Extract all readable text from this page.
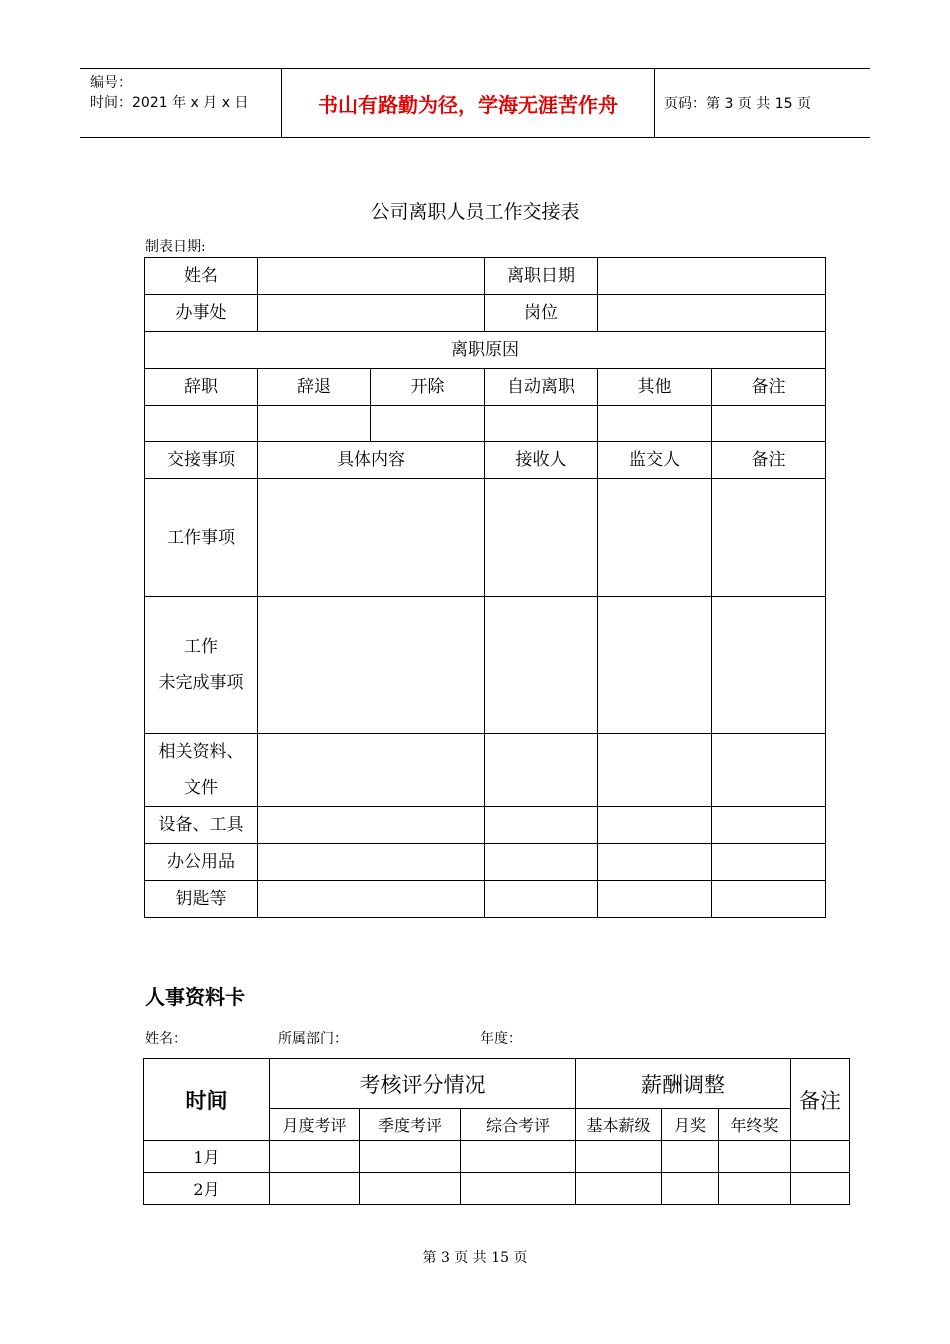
编号：
时间：2021 年 x 月 x 日	书山有路勤为径，学海无涯苦作舟	页码：第 3 页 共 15 页
公司离职人员工作交接表
制表日期:
姓名			离职日期		
办事处			岗位		
离职原因					
辞职	辞退	开除	自动离职	其他	备注

交接事项	具体内容		接收人	监交人	备注
工作事项					

工作
未完成事项					

相关资料、
文件					

设备、工具					
办公用品					
钥匙等					
人事资料卡
姓名：	所属部门：	年度：
时间	考核评分情况			薪酬调整			备注
	月度考评	季度考评	综合考评	基本薪级	月奖	年终奖	
1月							
2月							
第 3 页 共 15 页
